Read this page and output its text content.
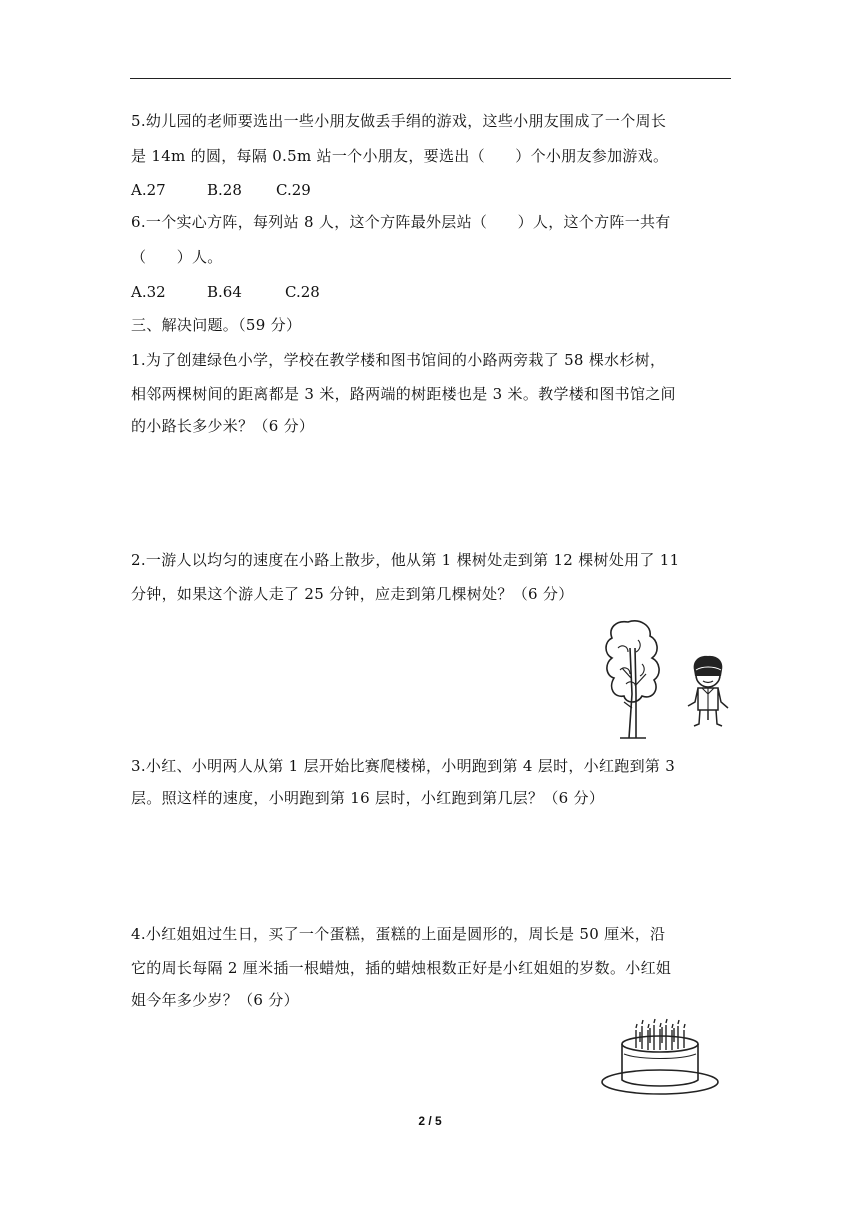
5.幼儿园的老师要选出一些小朋友做丢手绢的游戏，这些小朋友围成了一个周长
是 14m 的圆，每隔 0.5m 站一个小朋友，要选出（      ）个小朋友参加游戏。
A.27	B.28 C.29
6.一个实心方阵，每列站 8 人，这个方阵最外层站（      ）人，这个方阵一共有
（      ）人。
A.32	B.64	C.28
三、解决问题。（59 分）
1.为了创建绿色小学，学校在教学楼和图书馆间的小路两旁栽了 58 棵水杉树，
相邻两棵树间的距离都是 3 米，路两端的树距楼也是 3 米。教学楼和图书馆之间
的小路长多少米？（6 分）
2.一游人以均匀的速度在小路上散步，他从第 1 棵树处走到第 12 棵树处用了 11
分钟，如果这个游人走了 25 分钟，应走到第几棵树处？（6 分）
3.小红、小明两人从第 1 层开始比赛爬楼梯，小明跑到第 4 层时，小红跑到第 3
层。照这样的速度，小明跑到第 16 层时，小红跑到第几层？（6 分）
4.小红姐姐过生日，买了一个蛋糕，蛋糕的上面是圆形的，周长是 50 厘米，沿
它的周长每隔 2 厘米插一根蜡烛，插的蜡烛根数正好是小红姐姐的岁数。小红姐
姐今年多少岁？（6 分）
2 / 5
